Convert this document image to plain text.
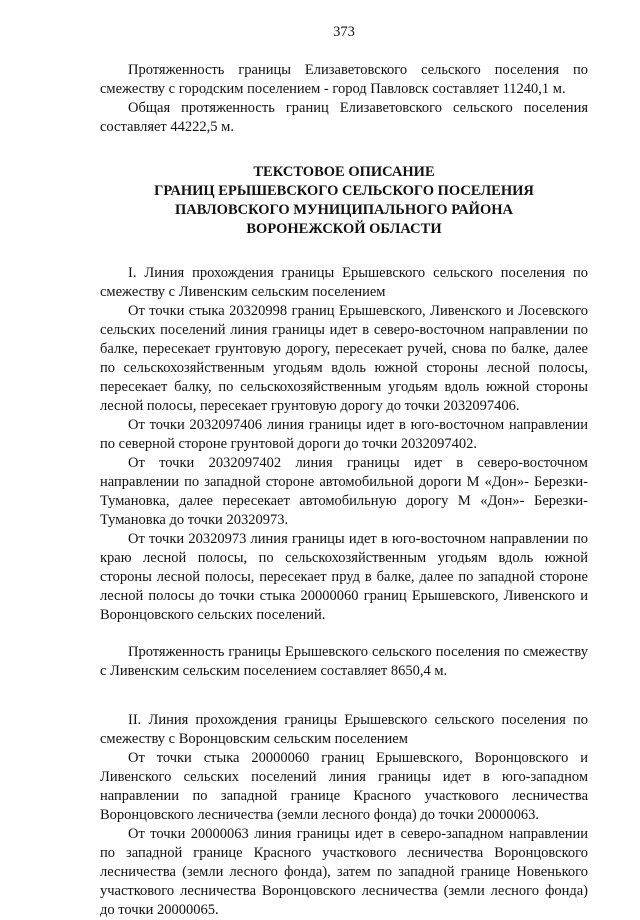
373

Протяженность границы Елизаветовского сельского поселения по смежеству с городским поселением - город Павловск составляет 11240,1 м.

Общая протяженность границ Елизаветовского сельского поселения составляет 44222,5 м.

ТЕКСТОВОЕ ОПИСАНИЕ
ГРАНИЦ ЕРЫШЕВСКОГО СЕЛЬСКОГО ПОСЕЛЕНИЯ
ПАВЛОВСКОГО МУНИЦИПАЛЬНОГО РАЙОНА
ВОРОНЕЖСКОЙ ОБЛАСТИ

I. Линия прохождения границы Ерышевского сельского поселения по смежеству с Ливенским сельским поселением

От точки стыка 20320998 границ Ерышевского, Ливенского и Лосевского сельских поселений линия границы идет в северо-восточном направлении по балке, пересекает грунтовую дорогу, пересекает ручей, снова по балке, далее по сельскохозяйственным угодьям вдоль южной стороны лесной полосы, пересекает балку, по сельскохозяйственным угодьям вдоль южной стороны лесной полосы, пересекает грунтовую дорогу до точки 2032097406.

От точки 2032097406 линия границы идет в юго-восточном направлении по северной стороне грунтовой дороги до точки 2032097402.

От точки 2032097402 линия границы идет в северо-восточном направлении по западной стороне автомобильной дороги М «Дон»- Березки-Тумановка, далее пересекает автомобильную дорогу М «Дон»- Березки-Тумановка до точки 20320973.

От точки 20320973 линия границы идет в юго-восточном направлении по краю лесной полосы, по сельскохозяйственным угодьям вдоль южной стороны лесной полосы, пересекает пруд в балке, далее по западной стороне лесной полосы до точки стыка 20000060 границ Ерышевского, Ливенского и Воронцовского сельских поселений.

Протяженность границы Ерышевского сельского поселения по смежеству с Ливенским сельским поселением составляет 8650,4 м.

II. Линия прохождения границы Ерышевского сельского поселения по смежеству с Воронцовским сельским поселением

От точки стыка 20000060 границ Ерышевского, Воронцовского и Ливенского сельских поселений линия границы идет в юго-западном направлении по западной границе Красного участкового лесничества Воронцовского лесничества (земли лесного фонда) до точки 20000063.

От точки 20000063 линия границы идет в северо-западном направлении по западной границе Красного участкового лесничества Воронцовского лесничества (земли лесного фонда), затем по западной границе Новенького участкового лесничества Воронцовского лесничества (земли лесного фонда) до точки 20000065.
